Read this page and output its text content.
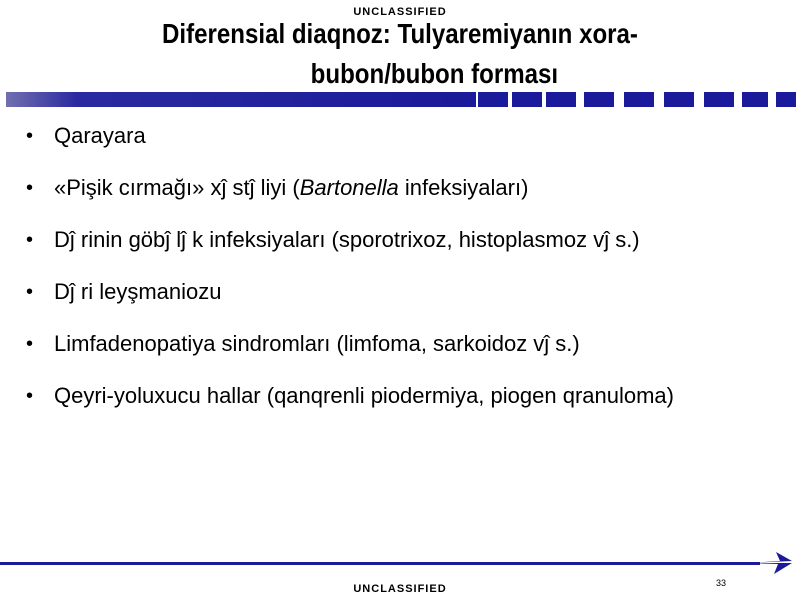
UNCLASSIFIED
Diferensial diaqnoz: Tulyaremiyanın xora-
bubon/bubon forması
• Qarayara
• «Pişik cırmağı» xĵ stĵ liyi (Bartonella infeksiyaları)
• Dĵ rinin göbĵ lĵ k infeksiyaları (sporotrixoz, histoplasmoz vĵ s.)
• Dĵ ri leyşmaniozu
• Limfadenopatiya sindromları (limfoma, sarkoidoz vĵ s.)
• Qeyri-yoluxucu hallar (qanqrenli piodermiya, piogen qranuloma)
33
UNCLASSIFIED
